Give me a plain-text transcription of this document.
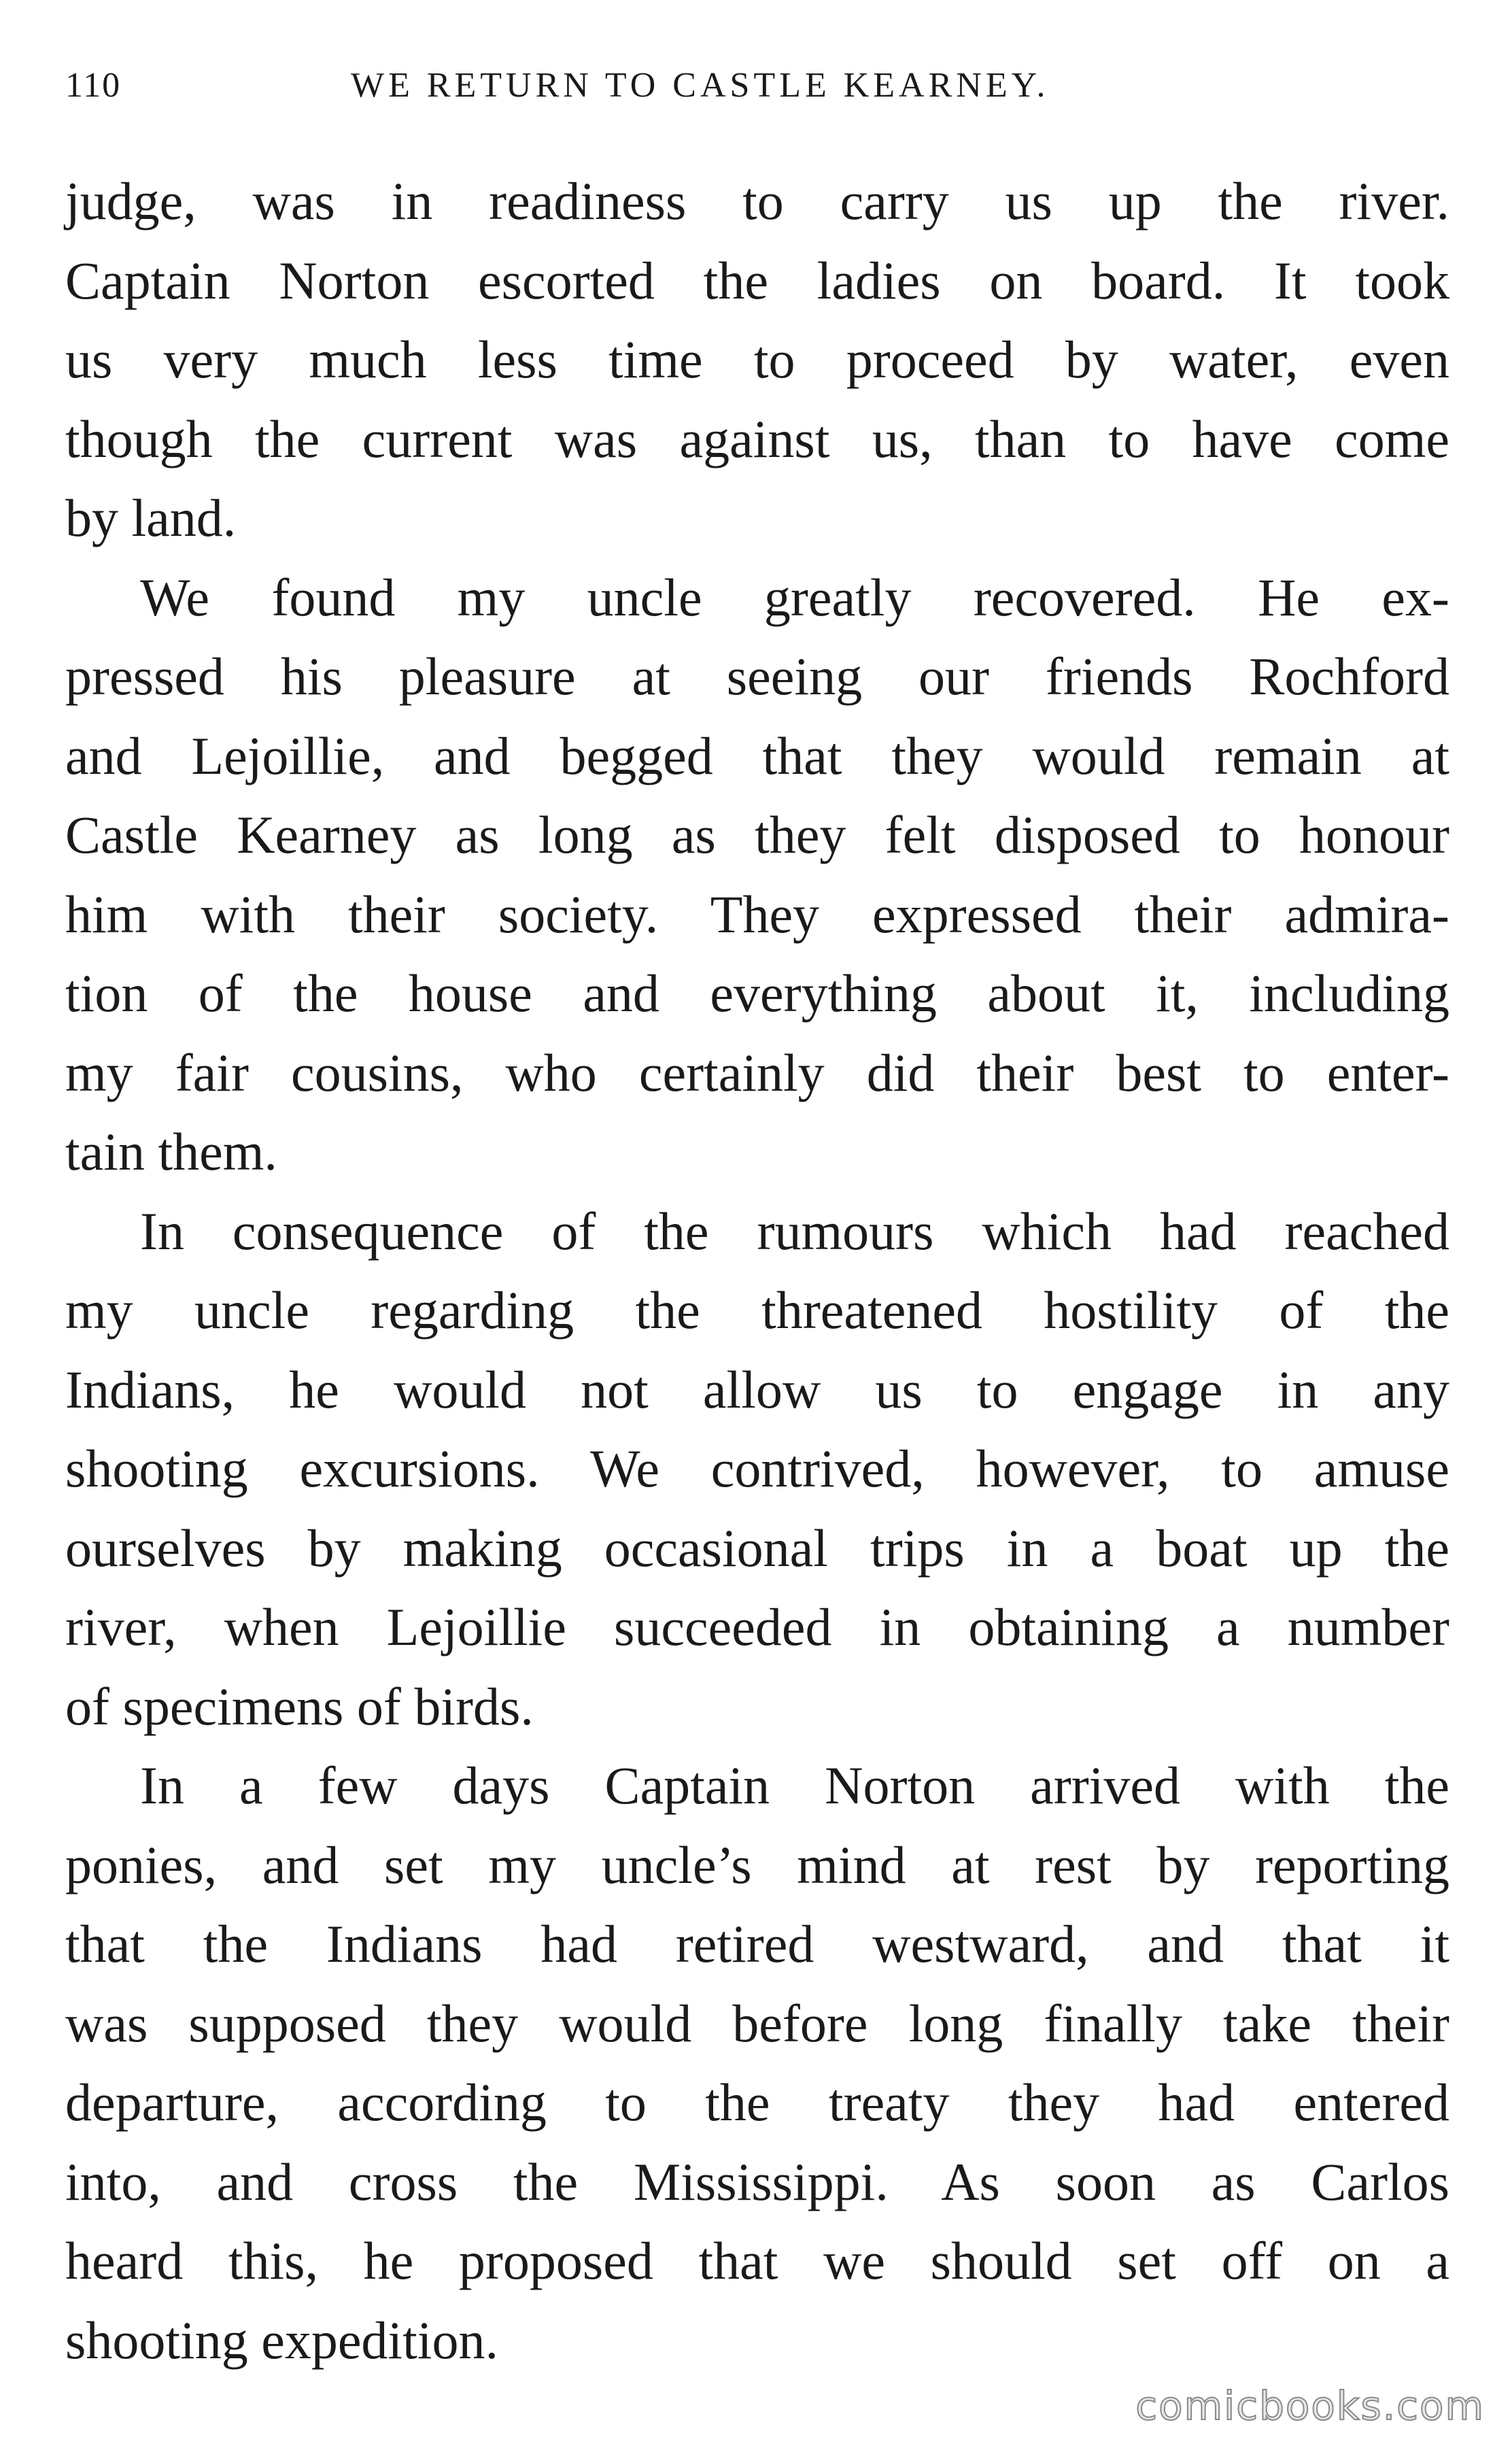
110	WE RETURN TO CASTLE KEARNEY.
judge, was in readiness to carry us up the river.
Captain Norton escorted the ladies on board. It took
us very much less time to proceed by water, even
though the current was against us, than to have come
by land.
We found my uncle greatly recovered. He ex-
pressed his pleasure at seeing our friends Rochford
and Lejoillie, and begged that they would remain at
Castle Kearney as long as they felt disposed to honour
him with their society. They expressed their admira-
tion of the house and everything about it, including
my fair cousins, who certainly did their best to enter-
tain them.
In consequence of the rumours which had reached
my uncle regarding the threatened hostility of the
Indians, he would not allow us to engage in any
shooting excursions. We contrived, however, to amuse
ourselves by making occasional trips in a boat up the
river, when Lejoillie succeeded in obtaining a number
of specimens of birds.
In a few days Captain Norton arrived with the
ponies, and set my uncle’s mind at rest by reporting
that the Indians had retired westward, and that it
was supposed they would before long finally take their
departure, according to the treaty they had entered
into, and cross the Mississippi. As soon as Carlos
heard this, he proposed that we should set off on a
shooting expedition.
comicbooks.com
